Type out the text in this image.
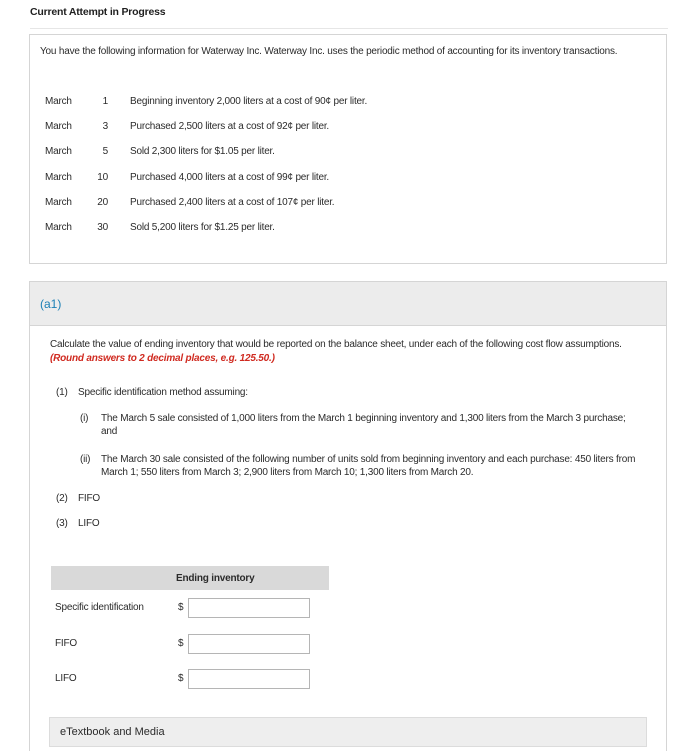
Current Attempt in Progress
You have the following information for Waterway Inc. Waterway Inc. uses the periodic method of accounting for its inventory transactions.
March	1 Beginning inventory 2,000 liters at a cost of 90¢ per liter.
March	3 Purchased 2,500 liters at a cost of 92¢ per liter.
March	5 Sold 2,300 liters for $1.05 per liter.
March	10 Purchased 4,000 liters at a cost of 99¢ per liter.
March	20 Purchased 2,400 liters at a cost of 107¢ per liter.
March	30 Sold 5,200 liters for $1.25 per liter.
(a1)
Calculate the value of ending inventory that would be reported on the balance sheet, under each of the following cost flow assumptions. (Round answers to 2 decimal places, e.g. 125.50.)
(1) Specific identification method assuming:
(i) The March 5 sale consisted of 1,000 liters from the March 1 beginning inventory and 1,300 liters from the March 3 purchase; and
(ii) The March 30 sale consisted of the following number of units sold from beginning inventory and each purchase: 450 liters from March 1; 550 liters from March 3; 2,900 liters from March 10; 1,300 liters from March 20.
(2) FIFO
(3) LIFO
Ending inventory
Specific identification	$
FIFO	$
LIFO	$
eTextbook and Media
